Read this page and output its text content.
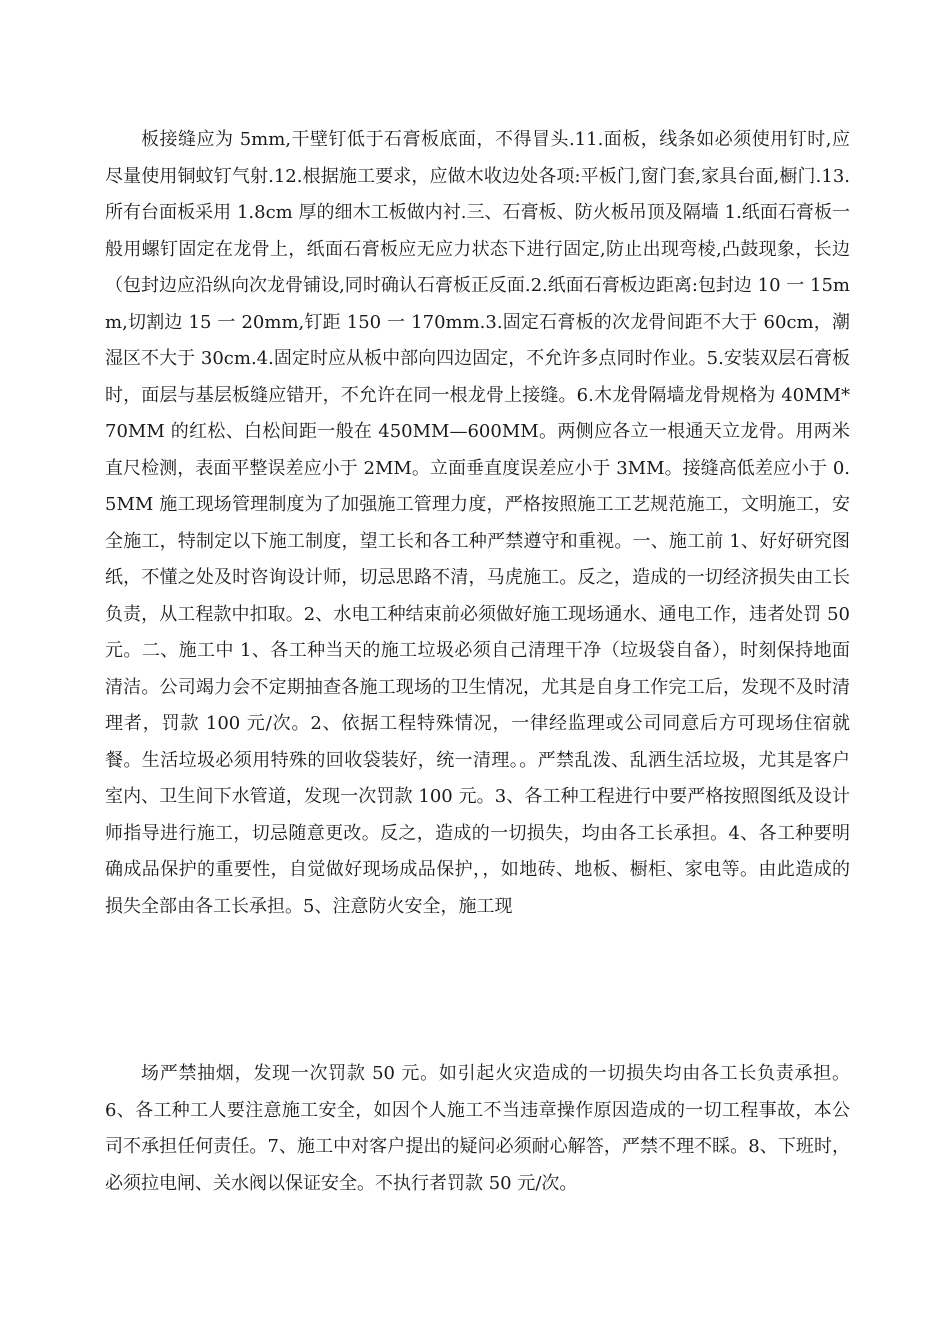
板接缝应为 5mm,干壁钉低于石膏板底面，不得冒头.11.面板，线条如必须使用钉时,应尽量使用铜蚊钉气射.12.根据施工要求，应做木收边处各项:平板门,窗门套,家具台面,橱门.13.所有台面板采用 1.8cm 厚的细木工板做内衬.三、石膏板、防火板吊顶及隔墙 1.纸面石膏板一般用螺钉固定在龙骨上，纸面石膏板应无应力状态下进行固定,防止出现弯棱,凸鼓现象，长边（包封边应沿纵向次龙骨铺设,同时确认石膏板正反面.2.纸面石膏板边距离:包封边 10 一 15mm,切割边 15 一 20mm,钉距 150 一 170mm.3.固定石膏板的次龙骨间距不大于 60cm，潮湿区不大于 30cm.4.固定时应从板中部向四边固定，不允许多点同时作业。5.安装双层石膏板时，面层与基层板缝应错开，不允许在同一根龙骨上接缝。6.木龙骨隔墙龙骨规格为 40MM*70MM 的红松、白松间距一般在 450MM—600MM。两侧应各立一根通天立龙骨。用两米直尺检测，表面平整误差应小于 2MM。立面垂直度误差应小于 3MM。接缝高低差应小于 0.5MM 施工现场管理制度为了加强施工管理力度，严格按照施工工艺规范施工，文明施工，安全施工，特制定以下施工制度，望工长和各工种严禁遵守和重视。一、施工前 1、好好研究图纸，不懂之处及时咨询设计师，切忌思路不清，马虎施工。反之，造成的一切经济损失由工长负责，从工程款中扣取。2、水电工种结束前必须做好施工现场通水、通电工作，违者处罚 50 元。二、施工中 1、各工种当天的施工垃圾必须自己清理干净（垃圾袋自备），时刻保持地面清洁。公司竭力会不定期抽查各施工现场的卫生情况，尤其是自身工作完工后，发现不及时清理者，罚款 100 元/次。2、依据工程特殊情况，一律经监理或公司同意后方可现场住宿就餐。生活垃圾必须用特殊的回收袋装好，统一清理。。严禁乱泼、乱洒生活垃圾，尤其是客户室内、卫生间下水管道，发现一次罚款 100 元。3、各工种工程进行中要严格按照图纸及设计师指导进行施工，切忌随意更改。反之，造成的一切损失，均由各工长承担。4、各工种要明确成品保护的重要性，自觉做好现场成品保护，，如地砖、地板、橱柜、家电等。由此造成的损失全部由各工长承担。5、注意防火安全，施工现

场严禁抽烟，发现一次罚款 50 元。如引起火灾造成的一切损失均由各工长负责承担。6、各工种工人要注意施工安全，如因个人施工不当违章操作原因造成的一切工程事故，本公司不承担任何责任。7、施工中对客户提出的疑问必须耐心解答，严禁不理不睬。8、下班时，必须拉电闸、关水阀以保证安全。不执行者罚款 50 元/次。
